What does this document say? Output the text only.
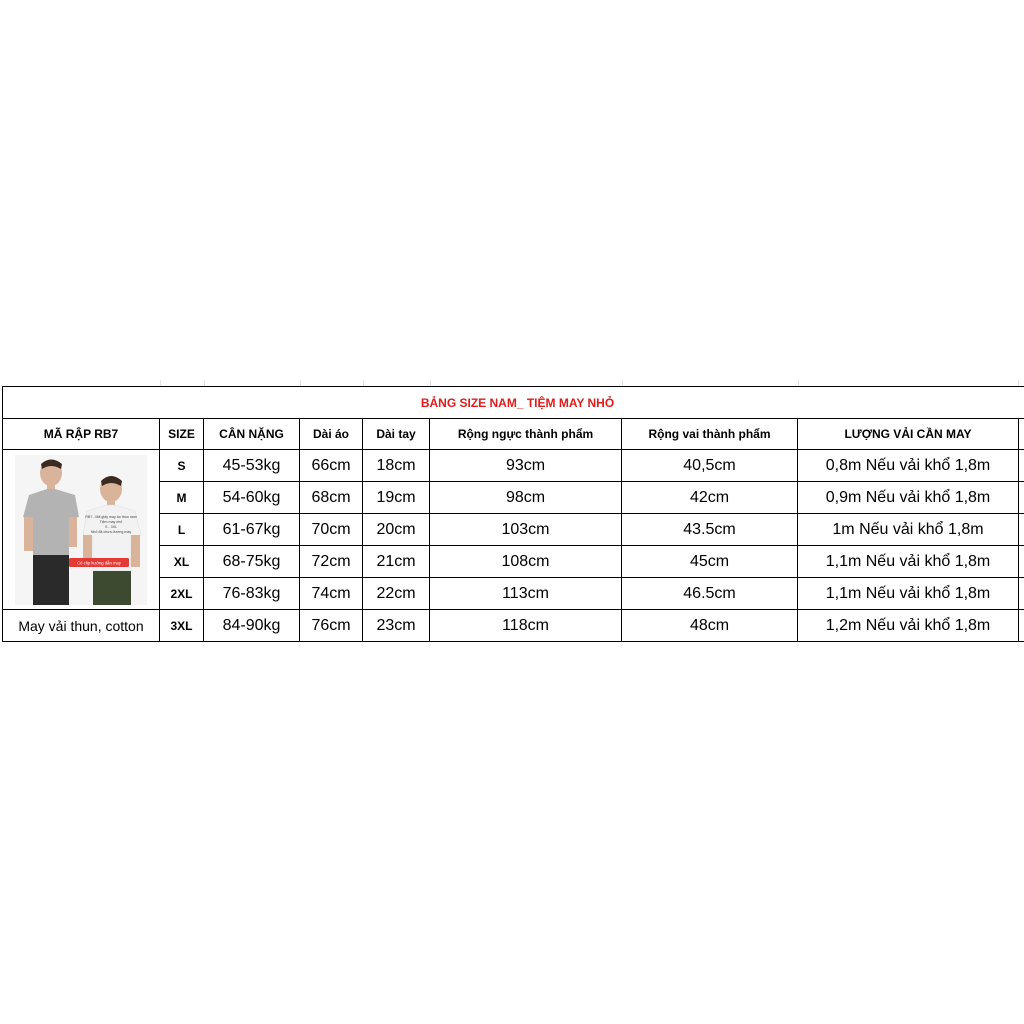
BẢNG SIZE NAM_ TIỆM MAY NHỎ								
MÃ RẬP RB7	SIZE	CÂN NẶNG	Dài áo	Dài tay	Rộng ngực thành phẩm	Rộng vai thành phẩm	LƯỢNG VẢI CẦN MAY	

RB7 - Mã giấy may áo thun nam
Tiệm may nhỏ
S - 3XL
Nhỏ đã chứa đường may
Có clip hướng dẫn may	S	45-53kg	66cm	18cm	93cm	40,5cm	0,8m Nếu vải khổ 1,8m	
	M	54-60kg	68cm	19cm	98cm	42cm	0,9m Nếu vải khổ 1,8m	
	L	61-67kg	70cm	20cm	103cm	43.5cm	1m Nếu vải khổ 1,8m	
	XL	68-75kg	72cm	21cm	108cm	45cm	1,1m Nếu vải khổ 1,8m	
	2XL	76-83kg	74cm	22cm	113cm	46.5cm	1,1m Nếu vải khổ 1,8m	
May vải thun, cotton	3XL	84-90kg	76cm	23cm	118cm	48cm	1,2m Nếu vải khổ 1,8m	
